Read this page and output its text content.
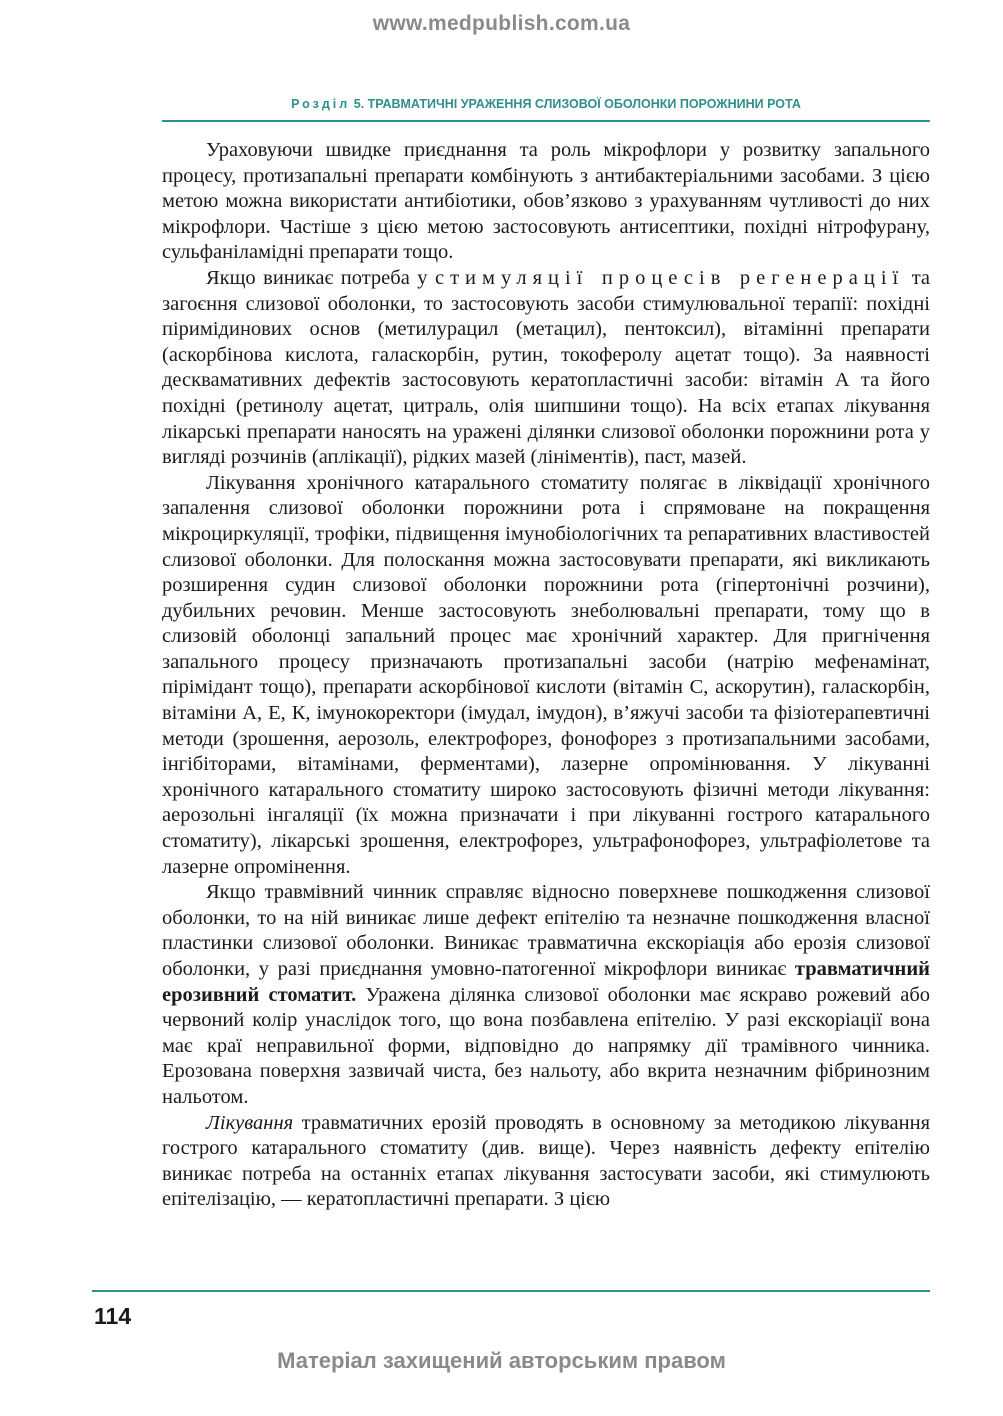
www.medpublish.com.ua
Розділ 5. ТРАВМАТИЧНІ УРАЖЕННЯ СЛИЗОВОЇ ОБОЛОНКИ ПОРОЖНИНИ РОТА

Ураховуючи швидке приєднання та роль мікрофлори у розвитку запального процесу, протизапальні препарати комбінують з антибактеріальними засобами. З цією метою можна використати антибіотики, обов’язково з урахуванням чутливості до них мікрофлори. Частіше з цією метою застосовують антисептики, похідні нітрофурану, сульфаніламідні препарати тощо.

Якщо виникає потреба у стимуляції процесів регенерації та загоєння слизової оболонки, то застосовують засоби стимулювальної терапії: похідні піримідинових основ (метилурацил (метацил), пентоксил), вітамінні препарати (аскорбінова кислота, галаскорбін, рутин, токоферолу ацетат тощо). За наявності десквамативних дефектів застосовують кератопластичні засоби: вітамін А та його похідні (ретинолу ацетат, цитраль, олія шипшини тощо). На всіх етапах лікування лікарські препарати наносять на уражені ділянки слизової оболонки порожнини рота у вигляді розчинів (аплікації), рідких мазей (лініментів), паст, мазей.

Лікування хронічного катарального стоматиту полягає в ліквідації хронічного запалення слизової оболонки порожнини рота і спрямоване на покращення мікроциркуляції, трофіки, підвищення імунобіологічних та репаративних властивостей слизової оболонки. Для полоскання можна застосовувати препарати, які викликають розширення судин слизової оболонки порожнини рота (гіпертонічні розчини), дубильних речовин. Менше застосовують знеболювальні препарати, тому що в слизовій оболонці запальний процес має хронічний характер. Для пригнічення запального процесу призначають протизапальні засоби (натрію мефенамінат, пірімідант тощо), препарати аскорбінової кислоти (вітамін С, аскорутин), галаскорбін, вітаміни А, Е, К, імунокоректори (імудал, імудон), в’яжучі засоби та фізіотерапевтичні методи (зрошення, аерозоль, електрофорез, фонофорез з протизапальними засобами, інгібіторами, вітамінами, ферментами), лазерне опромінювання. У лікуванні хронічного катарального стоматиту широко застосовують фізичні методи лікування: аерозольні інгаляції (їх можна призначати і при лікуванні гострого катарального стоматиту), лікарські зрошення, електрофорез, ультрафонофорез, ультрафіолетове та лазерне опромінення.

Якщо травмівний чинник справляє відносно поверхневе пошкодження слизової оболонки, то на ній виникає лише дефект епітелію та незначне пошкодження власної пластинки слизової оболонки. Виникає травматична екскоріація або ерозія слизової оболонки, у разі приєднання умовно-патогенної мікрофлори виникає травматичний ерозивний стоматит. Уражена ділянка слизової оболонки має яскраво рожевий або червоний колір унаслідок того, що вона позбавлена епітелію. У разі екскоріації вона має краї неправильної форми, відповідно до напрямку дії трамівного чинника. Ерозована поверхня зазвичай чиста, без нальоту, або вкрита незначним фібринозним нальотом.

Лікування травматичних ерозій проводять в основному за методикою лікування гострого катарального стоматиту (див. вище). Через наявність дефекту епітелію виникає потреба на останніх етапах лікування застосувати засоби, які стимулюють епітелізацію, — кератопластичні препарати. З цією

114
Матеріал захищений авторським правом
